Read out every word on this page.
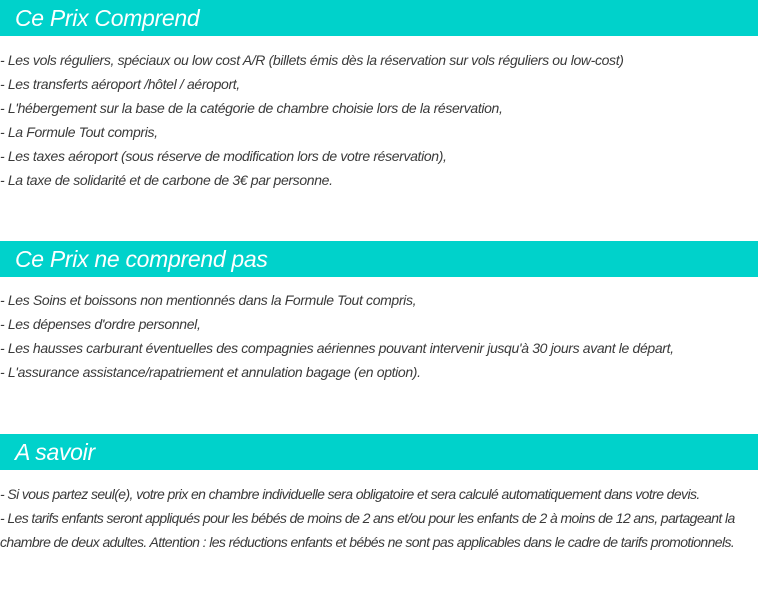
Ce Prix Comprend
- Les vols réguliers, spéciaux ou low cost A/R (billets émis dès la réservation sur vols réguliers ou low-cost)
- Les transferts aéroport /hôtel / aéroport,
- L'hébergement sur la base de la catégorie de chambre choisie lors de la réservation,
- La Formule Tout compris,
- Les taxes aéroport (sous réserve de modification lors de votre réservation),
- La taxe de solidarité et de carbone de 3€ par personne.
Ce Prix ne comprend pas
- Les Soins et boissons non mentionnés dans la Formule Tout compris,
- Les dépenses d'ordre personnel,
- Les hausses carburant éventuelles des compagnies aériennes pouvant intervenir jusqu'à 30 jours avant le départ,
- L'assurance assistance/rapatriement et annulation bagage (en option).
A savoir
- Si vous partez seul(e), votre prix en chambre individuelle sera obligatoire et sera calculé automatiquement dans votre devis.
- Les tarifs enfants seront appliqués pour les bébés de moins de 2 ans et/ou pour les enfants de 2 à moins de 12 ans, partageant la chambre de deux adultes. Attention : les réductions enfants et bébés ne sont pas applicables dans le cadre de tarifs promotionnels.
